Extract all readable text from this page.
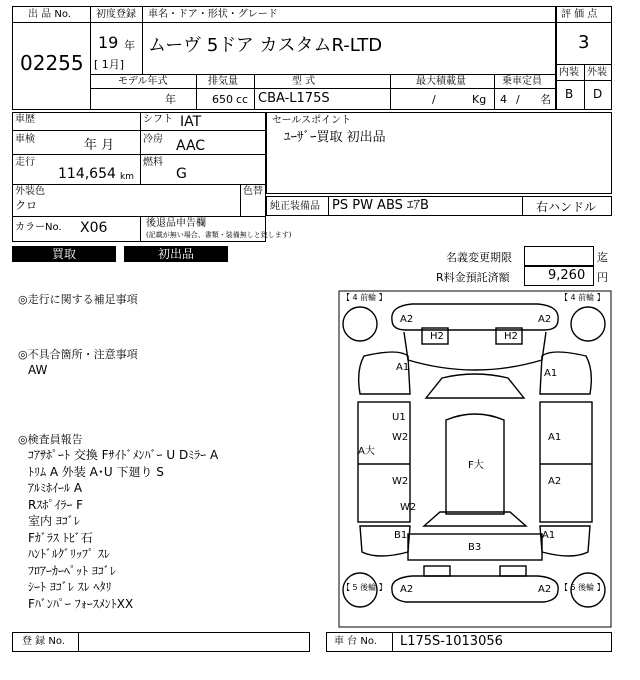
出 品 No.
02255
初度登録
19 年
[ 1月]
車名・ドア・形状・グレード
ムーヴ 5ドア カスタムR-LTD
評 価 点
3
内装 外装
B D
モデル年式
年
排気量
650 cc
型 式
CBA-L175S
最大積載量
/	Kg
乗車定員
4 / 名
車歴	シフト IAT
車検	年 月	冷房 AAC
走行
114,654 km
燃料
G
外装色
クロ
色替
カラーNo. X06	後退品申告欄
(記載が無い場合、書類・装備無しと致します)
セールスポイント
ﾕｰｻﾞｰ買取 初出品
純正装備品 PS PW ABS ｴｱB	右ハンドル
買取	初出品	名義変更期限	迄
R料金預託済額	9,260 円
◎走行に関する補足事項
◎不具合箇所・注意事項
AW
◎検査員報告
ｺｱｻﾎﾟｰﾄ 交換 Fｻｲﾄﾞﾒﾝﾊﾞｰ U Dﾐﾗｰ A
ﾄﾘﾑ A 外装 A･U 下廻り S
ｱﾙﾐﾎｲｰﾙ A
Rｽﾎﾟｲﾗｰ F
室内 ﾖｺﾞﾚ
Fｶﾞﾗｽ ﾄﾋﾞ石
ﾊﾝﾄﾞﾙｸﾞﾘｯﾌﾟ ｽﾚ
ﾌﾛｱｰｶｰﾍﾟｯﾄ ﾖｺﾞﾚ
ｼｰﾄ ﾖｺﾞﾚ ｽﾚ ﾍﾀﾘ
Fﾊﾞﾝﾊﾟｰ ﾌｫｰｽﾒﾝﾄXX
【 4 前輪 】	【 4 前輪 】
【 5 後輪 】	【 5 後輪 】
A2	A2
H2	H2
A1
A1
U1
W2	A1
W2
F大
A大
A2
W2
B1	A1
B3
A2	A2
登 録 No.	車 台 No. L175S-1013056
